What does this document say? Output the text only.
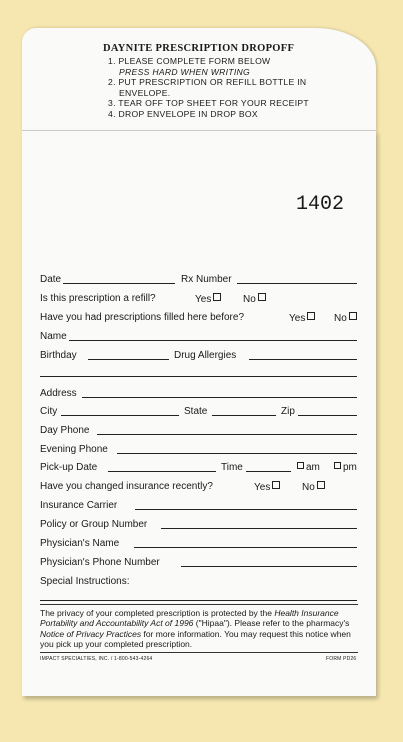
DAYNITE PRESCRIPTION DROPOFF
1. PLEASE COMPLETE FORM BELOW
PRESS HARD WHEN WRITING
2. PUT PRESCRIPTION OR REFILL BOTTLE IN
ENVELOPE.
3. TEAR OFF TOP SHEET FOR YOUR RECEIPT
4. DROP ENVELOPE IN DROP BOX
1402
Date	Rx Number
Is this prescription a refill?	Yes	No
Have you had prescriptions filled here before?	Yes	No
Name
Birthday	Drug Allergies
Address
City	State	Zip
Day Phone
Evening Phone
Pick-up Date	Time	am	pm
Have you changed insurance recently?	Yes	No
Insurance Carrier
Policy or Group Number
Physician's Name
Physician's Phone Number
Special Instructions:
The privacy of your completed prescription is protected by the Health Insurance Portability and Accountability Act of 1996 ("Hipaa"). Please refer to the pharmacy's Notice of Privacy Practices for more information. You may request this notice when you pick up your completed prescription.
IMPACT SPECIALTIES, INC. / 1-800-543-4264	FORM PD26
